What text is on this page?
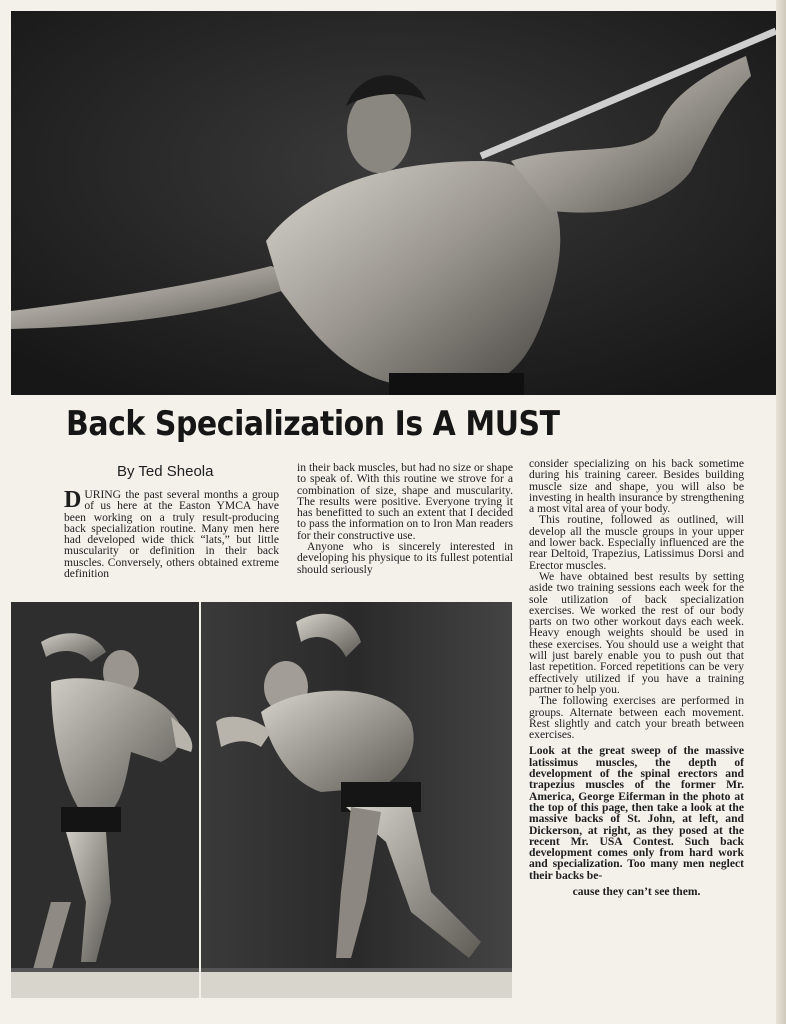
Back Specialization Is A MUST
By Ted Sheola

DURING the past several months a group of us here at the Easton YMCA have been working on a truly result-producing back specialization routine. Many men here had developed wide thick “lats,” but little muscularity or definition in their back muscles. Conversely, others obtained extreme definition

in their back muscles, but had no size or shape to speak of. With this routine we strove for a combination of size, shape and muscularity. The results were positive. Everyone trying it has benefitted to such an extent that I decided to pass the information on to Iron Man readers for their constructive use.

Anyone who is sincerely interested in developing his physique to its fullest potential should seriously

consider specializing on his back sometime during his training career. Besides building muscle size and shape, you will also be investing in health insurance by strengthening a most vital area of your body.

This routine, followed as outlined, will develop all the muscle groups in your upper and lower back. Especially influenced are the rear Deltoid, Trapezius, Latissimus Dorsi and Erector muscles.

We have obtained best results by setting aside two training sessions each week for the sole utilization of back specialization exercises. We worked the rest of our body parts on two other workout days each week. Heavy enough weights should be used in these exercises. You should use a weight that will just barely enable you to push out that last repetition. Forced repetitions can be very effectively utilized if you have a training partner to help you.

The following exercises are performed in groups. Alternate between each movement. Rest slightly and catch your breath between exercises.

Look at the great sweep of the massive latissimus muscles, the depth of development of the spinal erectors and trapezius muscles of the former Mr. America, George Eiferman in the photo at the top of this page, then take a look at the massive backs of St. John, at left, and Dickerson, at right, as they posed at the recent Mr. USA Contest. Such back development comes only from hard work and specialization. Too many men neglect their backs be-

cause they can’t see them.
